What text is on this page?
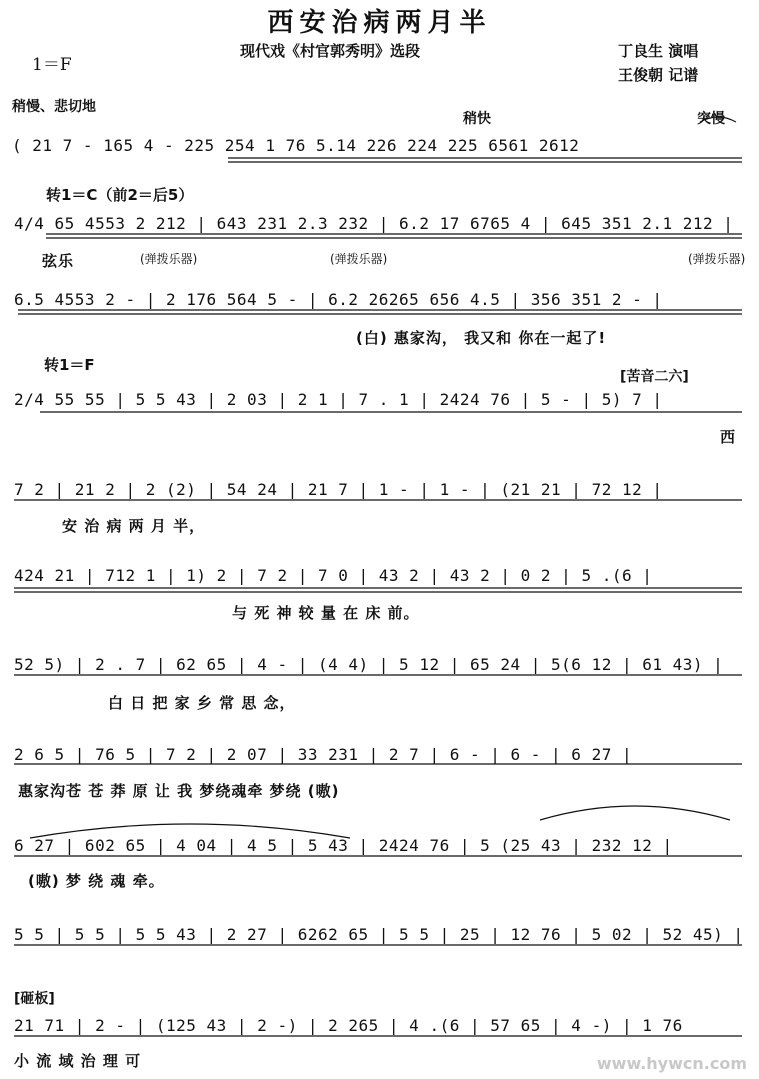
西安治病两月半
现代戏《村官郭秀明》选段
1＝F
丁良生 演唱
王俊朝 记谱
稍慢、悲切地
稍快	突慢
( 21 7 - 165 4 - 225 254 1 76 5.14 226 224 225 6561 2612
转1＝C（前2＝后5）
4/4 65 4553 2 212 | 643 231 2.3 232 | 6.2 17 6765 4 | 645 351 2.1 212 |
弦乐	(弹拨乐器)	(弹拨乐器)	(弹拨乐器)
6.5 4553 2 - | 2 176 564 5 - | 6.2 26265 656 4.5 | 356 351 2 - |
(白) 惠家沟， 我又和 你在一起了!
转1＝F
[苦音二六]
2/4 55 55 | 5 5 43 | 2 03 | 2 1 | 7 . 1 | 2424 76 | 5 - | 5) 7 |
西
7 2 | 21 2 | 2 (2) | 54 24 | 21 7 | 1 - | 1 - | (21 21 | 72 12 |
安 治 病 两 月 半，
424 21 | 712 1 | 1) 2 | 7 2 | 7 0 | 43 2 | 43 2 | 0 2 | 5 .(6 |
与 死 神 较 量 在 床 前。
52 5) | 2 . 7 | 62 65 | 4 - | (4 4) | 5 12 | 65 24 | 5(6 12 | 61 43) |
白 日 把 家 乡 常 思 念，
2 6 5 | 76 5 | 7 2 | 2 07 | 33 231 | 2 7 | 6 - | 6 - | 6 27 |
惠家沟苍 苍 莽 原 让 我 梦绕魂牵 梦绕 (嗷)
6 27 | 602 65 | 4 04 | 4 5 | 5 43 | 2424 76 | 5 (25 43 | 232 12 |
(嗷) 梦 绕 魂 牵。
5 5 | 5 5 | 5 5 43 | 2 27 | 6262 65 | 5 5 | 25 | 12 76 | 5 02 | 52 45) |
[砸板]
21 71 | 2 - | (125 43 | 2 -) | 2 265 | 4 .(6 | 57 65 | 4 -) | 1 76
小 流 域 治 理 可	www.hywcn.com
